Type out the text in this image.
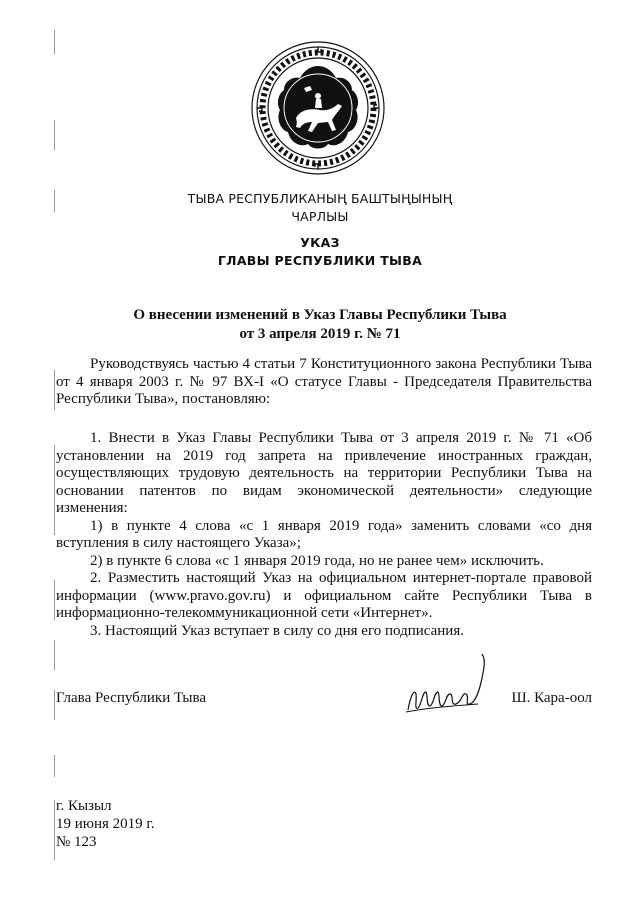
ТЫВА РЕСПУБЛИКАНЫҢ БАШТЫҢЫНЫҢ
ЧАРЛЫЫ
УКАЗ
ГЛАВЫ РЕСПУБЛИКИ ТЫВА
О внесении изменений в Указ Главы Республики Тыва
от 3 апреля 2019 г. № 71

Руководствуясь частью 4 статьи 7 Конституционного закона Республики Тыва от 4 января 2003 г. № 97 ВХ-I «О статусе Главы - Председателя Правительства Республики Тыва», постановляю:

1. Внести в Указ Главы Республики Тыва от 3 апреля 2019 г. № 71 «Об установлении на 2019 год запрета на привлечение иностранных граждан, осуществляющих трудовую деятельность на территории Республики Тыва на основании патентов по видам экономической деятельности» следующие изменения:

1) в пункте 4 слова «с 1 января 2019 года» заменить словами «со дня вступления в силу настоящего Указа»;

2) в пункте 6 слова «с 1 января 2019 года, но не ранее чем» исключить.

2. Разместить настоящий Указ на официальном интернет-портале правовой информации (www.pravo.gov.ru) и официальном сайте Республики Тыва в информационно-телекоммуникационной сети «Интернет».

3. Настоящий Указ вступает в силу со дня его подписания.

Глава Республики Тыва	Ш. Кара-оол
г. Кызыл
19 июня 2019 г.
№ 123
